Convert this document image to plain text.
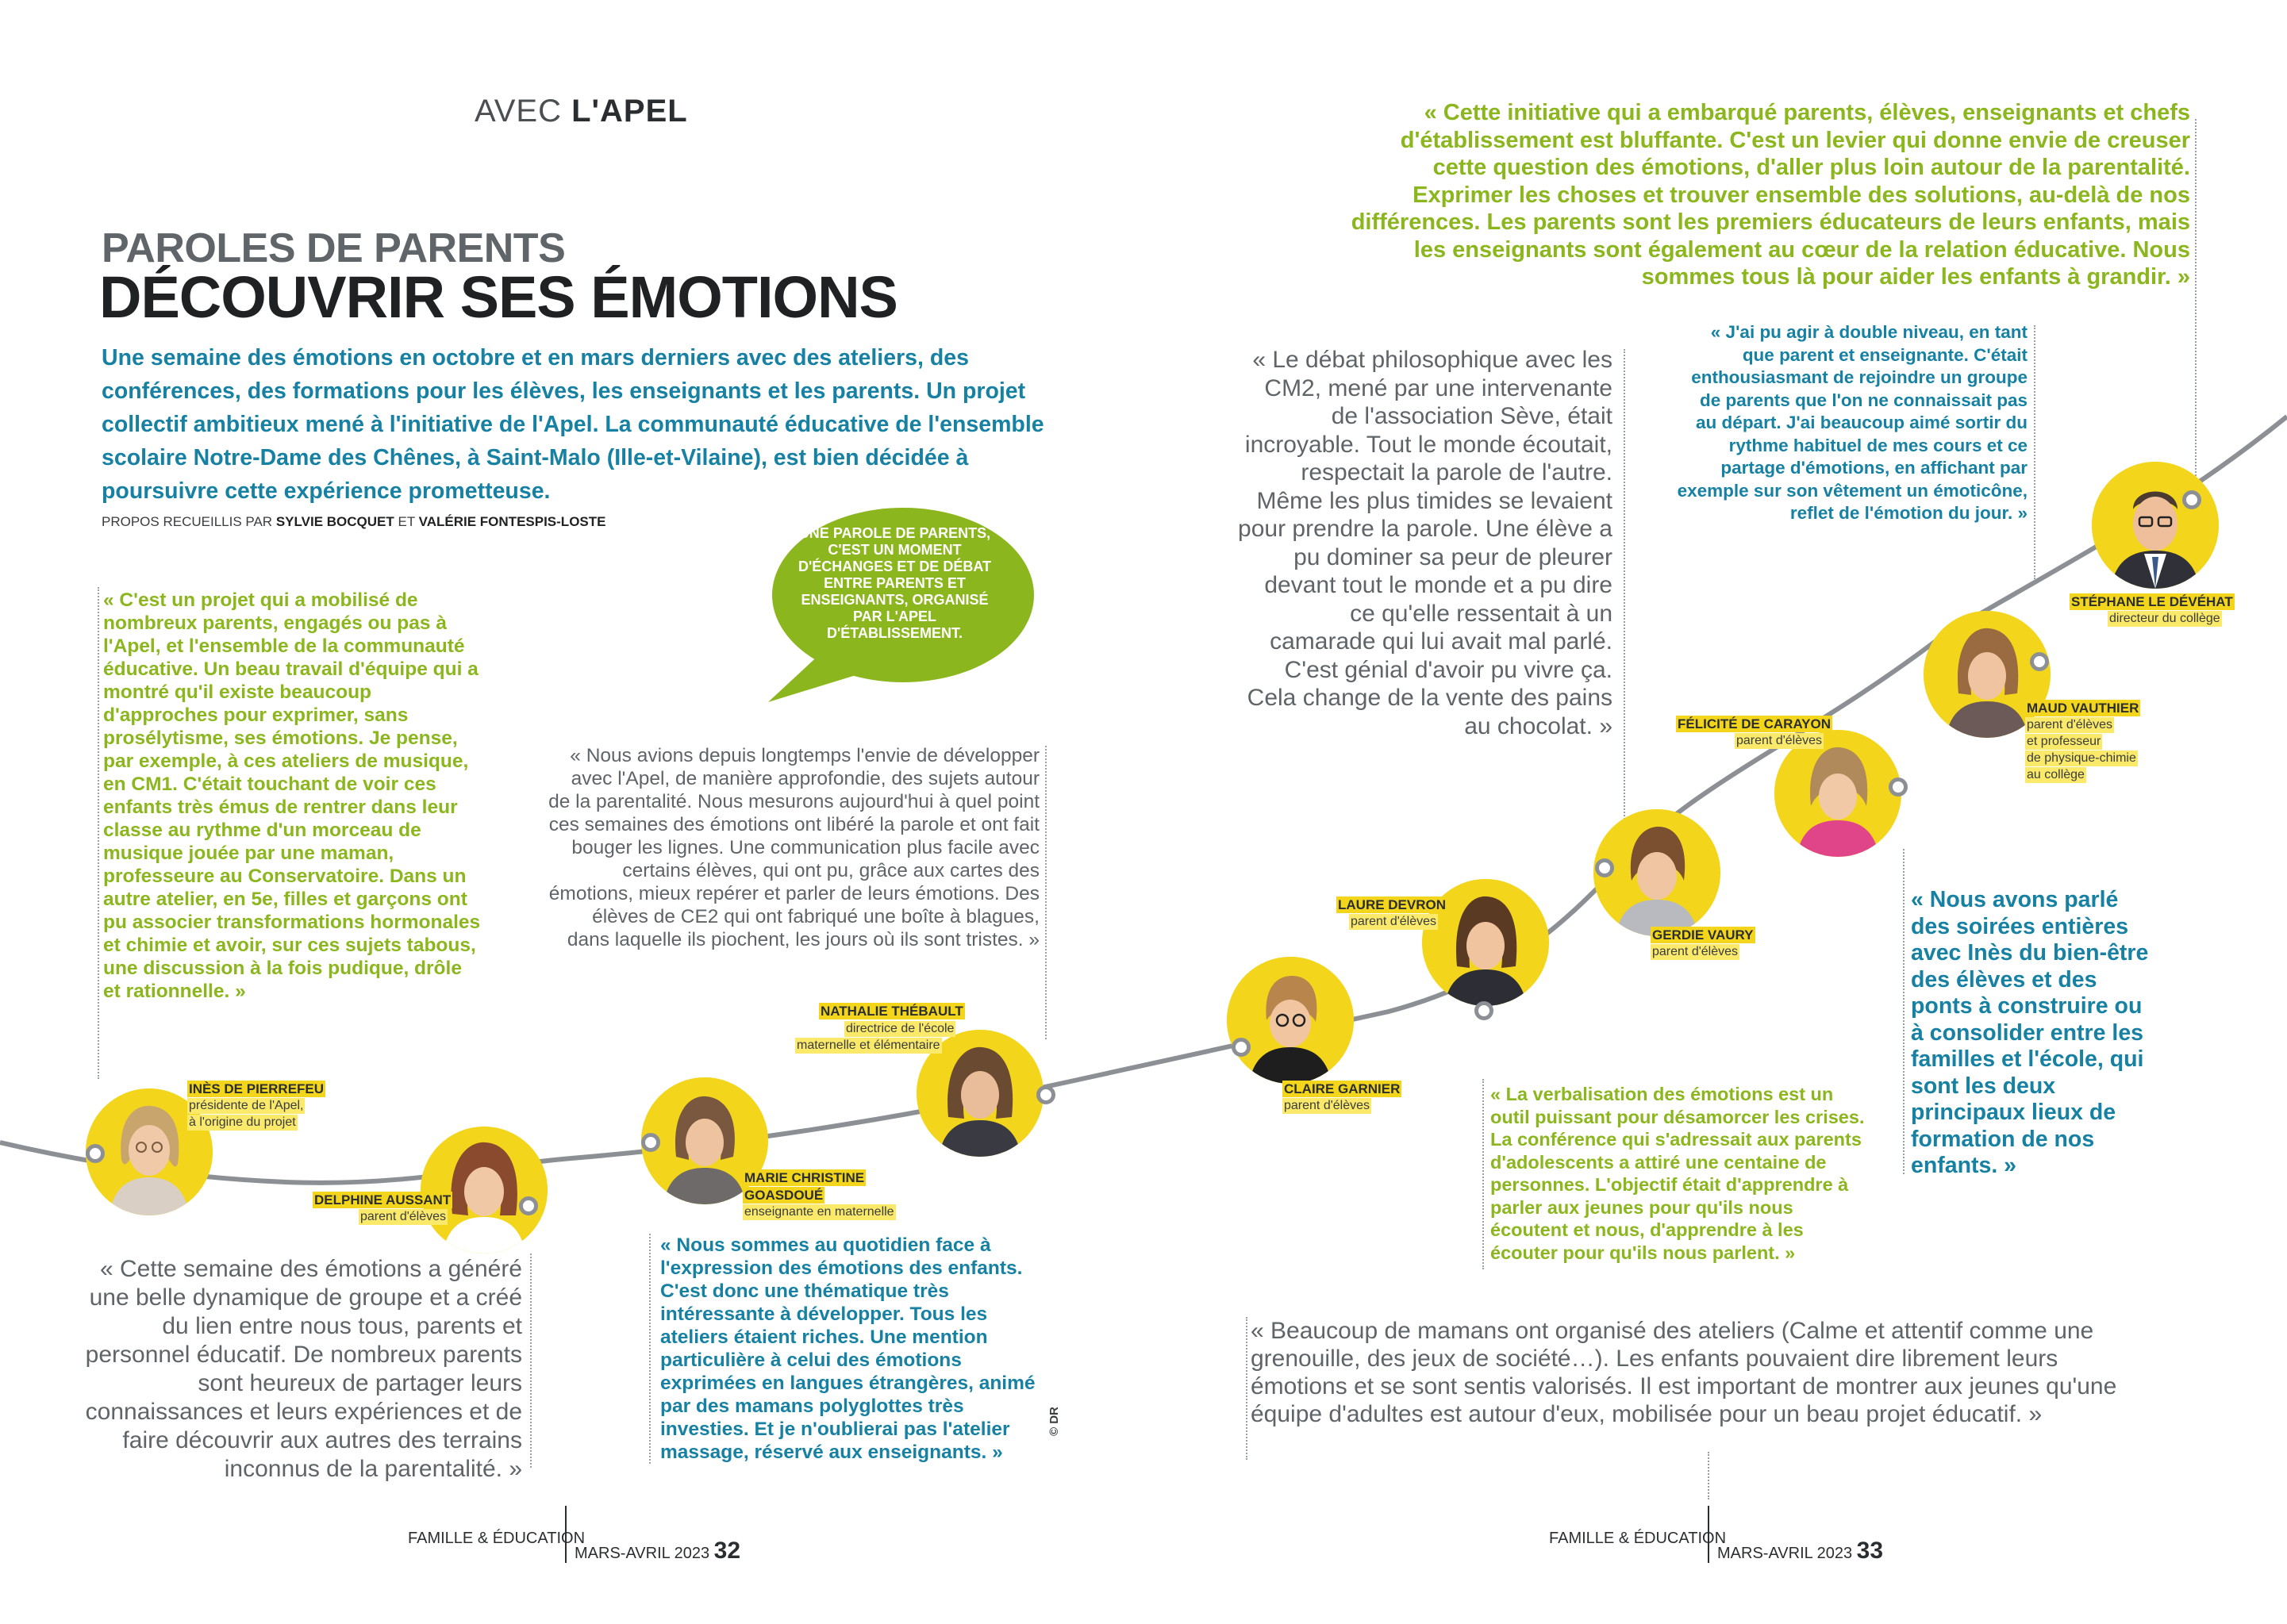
UNE PAROLE DE PARENTS, C'EST UN MOMENT D'ÉCHANGES ET DE DÉBAT ENTRE PARENTS ET ENSEIGNANTS, ORGANISÉ PAR L'APEL D'ÉTABLISSEMENT.
AVEC L'APEL
PAROLES DE PARENTS
DÉCOUVRIR SES ÉMOTIONS
Une semaine des émotions en octobre et en mars derniers avec des ateliers, des conférences, des formations pour les élèves, les enseignants et les parents. Un projet collectif ambitieux mené à l'initiative de l'Apel. La communauté éducative de l'ensemble scolaire Notre-Dame des Chênes, à Saint-Malo (Ille-et-Vilaine), est bien décidée à poursuivre cette expérience prometteuse.
PROPOS RECUEILLIS PAR SYLVIE BOCQUET ET VALÉRIE FONTESPIS-LOSTE
« C'est un projet qui a mobilisé de nombreux parents, engagés ou pas à l'Apel, et l'ensemble de la communauté éducative. Un beau travail d'équipe qui a montré qu'il existe beaucoup d'approches pour exprimer, sans prosélytisme, ses émotions. Je pense, par exemple, à ces ateliers de musique, en CM1. C'était touchant de voir ces enfants très émus de rentrer dans leur classe au rythme d'un morceau de musique jouée par une maman, professeure au Conservatoire. Dans un autre atelier, en 5e, filles et garçons ont pu associer transformations hormonales et chimie et avoir, sur ces sujets tabous, une discussion à la fois pudique, drôle et rationnelle. »
« Nous avions depuis longtemps l'envie de développer avec l'Apel, de manière approfondie, des sujets autour de la parentalité. Nous mesurons aujourd'hui à quel point ces semaines des émotions ont libéré la parole et ont fait bouger les lignes. Une communication plus facile avec certains élèves, qui ont pu, grâce aux cartes des émotions, mieux repérer et parler de leurs émotions. Des élèves de CE2 qui ont fabriqué une boîte à blagues, dans laquelle ils piochent, les jours où ils sont tristes. »
« Cette semaine des émotions a généré une belle dynamique de groupe et a créé du lien entre nous tous, parents et personnel éducatif. De nombreux parents sont heureux de partager leurs connaissances et leurs expériences et de faire découvrir aux autres des terrains inconnus de la parentalité. »
« Nous sommes au quotidien face à l'expression des émotions des enfants. C'est donc une thématique très intéressante à développer. Tous les ateliers étaient riches. Une mention particulière à celui des émotions exprimées en langues étrangères, animé par des mamans polyglottes très investies. Et je n'oublierai pas l'atelier massage, réservé aux enseignants. »
© DR
« Cette initiative qui a embarqué parents, élèves, enseignants et chefs d'établissement est bluffante. C'est un levier qui donne envie de creuser cette question des émotions, d'aller plus loin autour de la parentalité. Exprimer les choses et trouver ensemble des solutions, au-delà de nos différences. Les parents sont les premiers éducateurs de leurs enfants, mais les enseignants sont également au cœur de la relation éducative. Nous sommes tous là pour aider les enfants à grandir. »
« Le débat philosophique avec les CM2, mené par une intervenante de l'association Sève, était incroyable. Tout le monde écoutait, respectait la parole de l'autre. Même les plus timides se levaient pour prendre la parole. Une élève a pu dominer sa peur de pleurer devant tout le monde et a pu dire ce qu'elle ressentait à un camarade qui lui avait mal parlé. C'est génial d'avoir pu vivre ça. Cela change de la vente des pains au chocolat. »
« J'ai pu agir à double niveau, en tant que parent et enseignante. C'était enthousiasmant de rejoindre un groupe de parents que l'on ne connaissait pas au départ. J'ai beaucoup aimé sortir du rythme habituel de mes cours et ce partage d'émotions, en affichant par exemple sur son vêtement un émoticône, reflet de l'émotion du jour. »
« Nous avons parlé des soirées entières avec Inès du bien-être des élèves et des ponts à construire ou à consolider entre les familles et l'école, qui sont les deux principaux lieux de formation de nos enfants. »
« La verbalisation des émotions est un outil puissant pour désamorcer les crises. La conférence qui s'adressait aux parents d'adolescents a attiré une centaine de personnes. L'objectif était d'apprendre à parler aux jeunes pour qu'ils nous écoutent et nous, d'apprendre à les écouter pour qu'ils nous parlent. »
« Beaucoup de mamans ont organisé des ateliers (Calme et attentif comme une grenouille, des jeux de société…). Les enfants pouvaient dire librement leurs émotions et se sont sentis valorisés. Il est important de montrer aux jeunes qu'une équipe d'adultes est autour d'eux, mobilisée pour un beau projet éducatif. »
INÈS DE PIERREFEU
présidente de l'Apel,
à l'origine du projet
DELPHINE AUSSANT
parent d'élèves
MARIE CHRISTINE
GOASDOUÉ
enseignante en maternelle
NATHALIE THÉBAULT
directrice de l'école
maternelle et élémentaire
CLAIRE GARNIER
parent d'élèves
LAURE DEVRON
parent d'élèves
GERDIE VAURY
parent d'élèves
FÉLICITÉ DE CARAYON
parent d'élèves
MAUD VAUTHIER
parent d'élèves
et professeur
de physique-chimie
au collège
STÉPHANE LE DÉVÉHAT
directeur du collège
FAMILLE & ÉDUCATION
MARS-AVRIL 2023 32	FAMILLE & ÉDUCATION
MARS-AVRIL 2023 33
